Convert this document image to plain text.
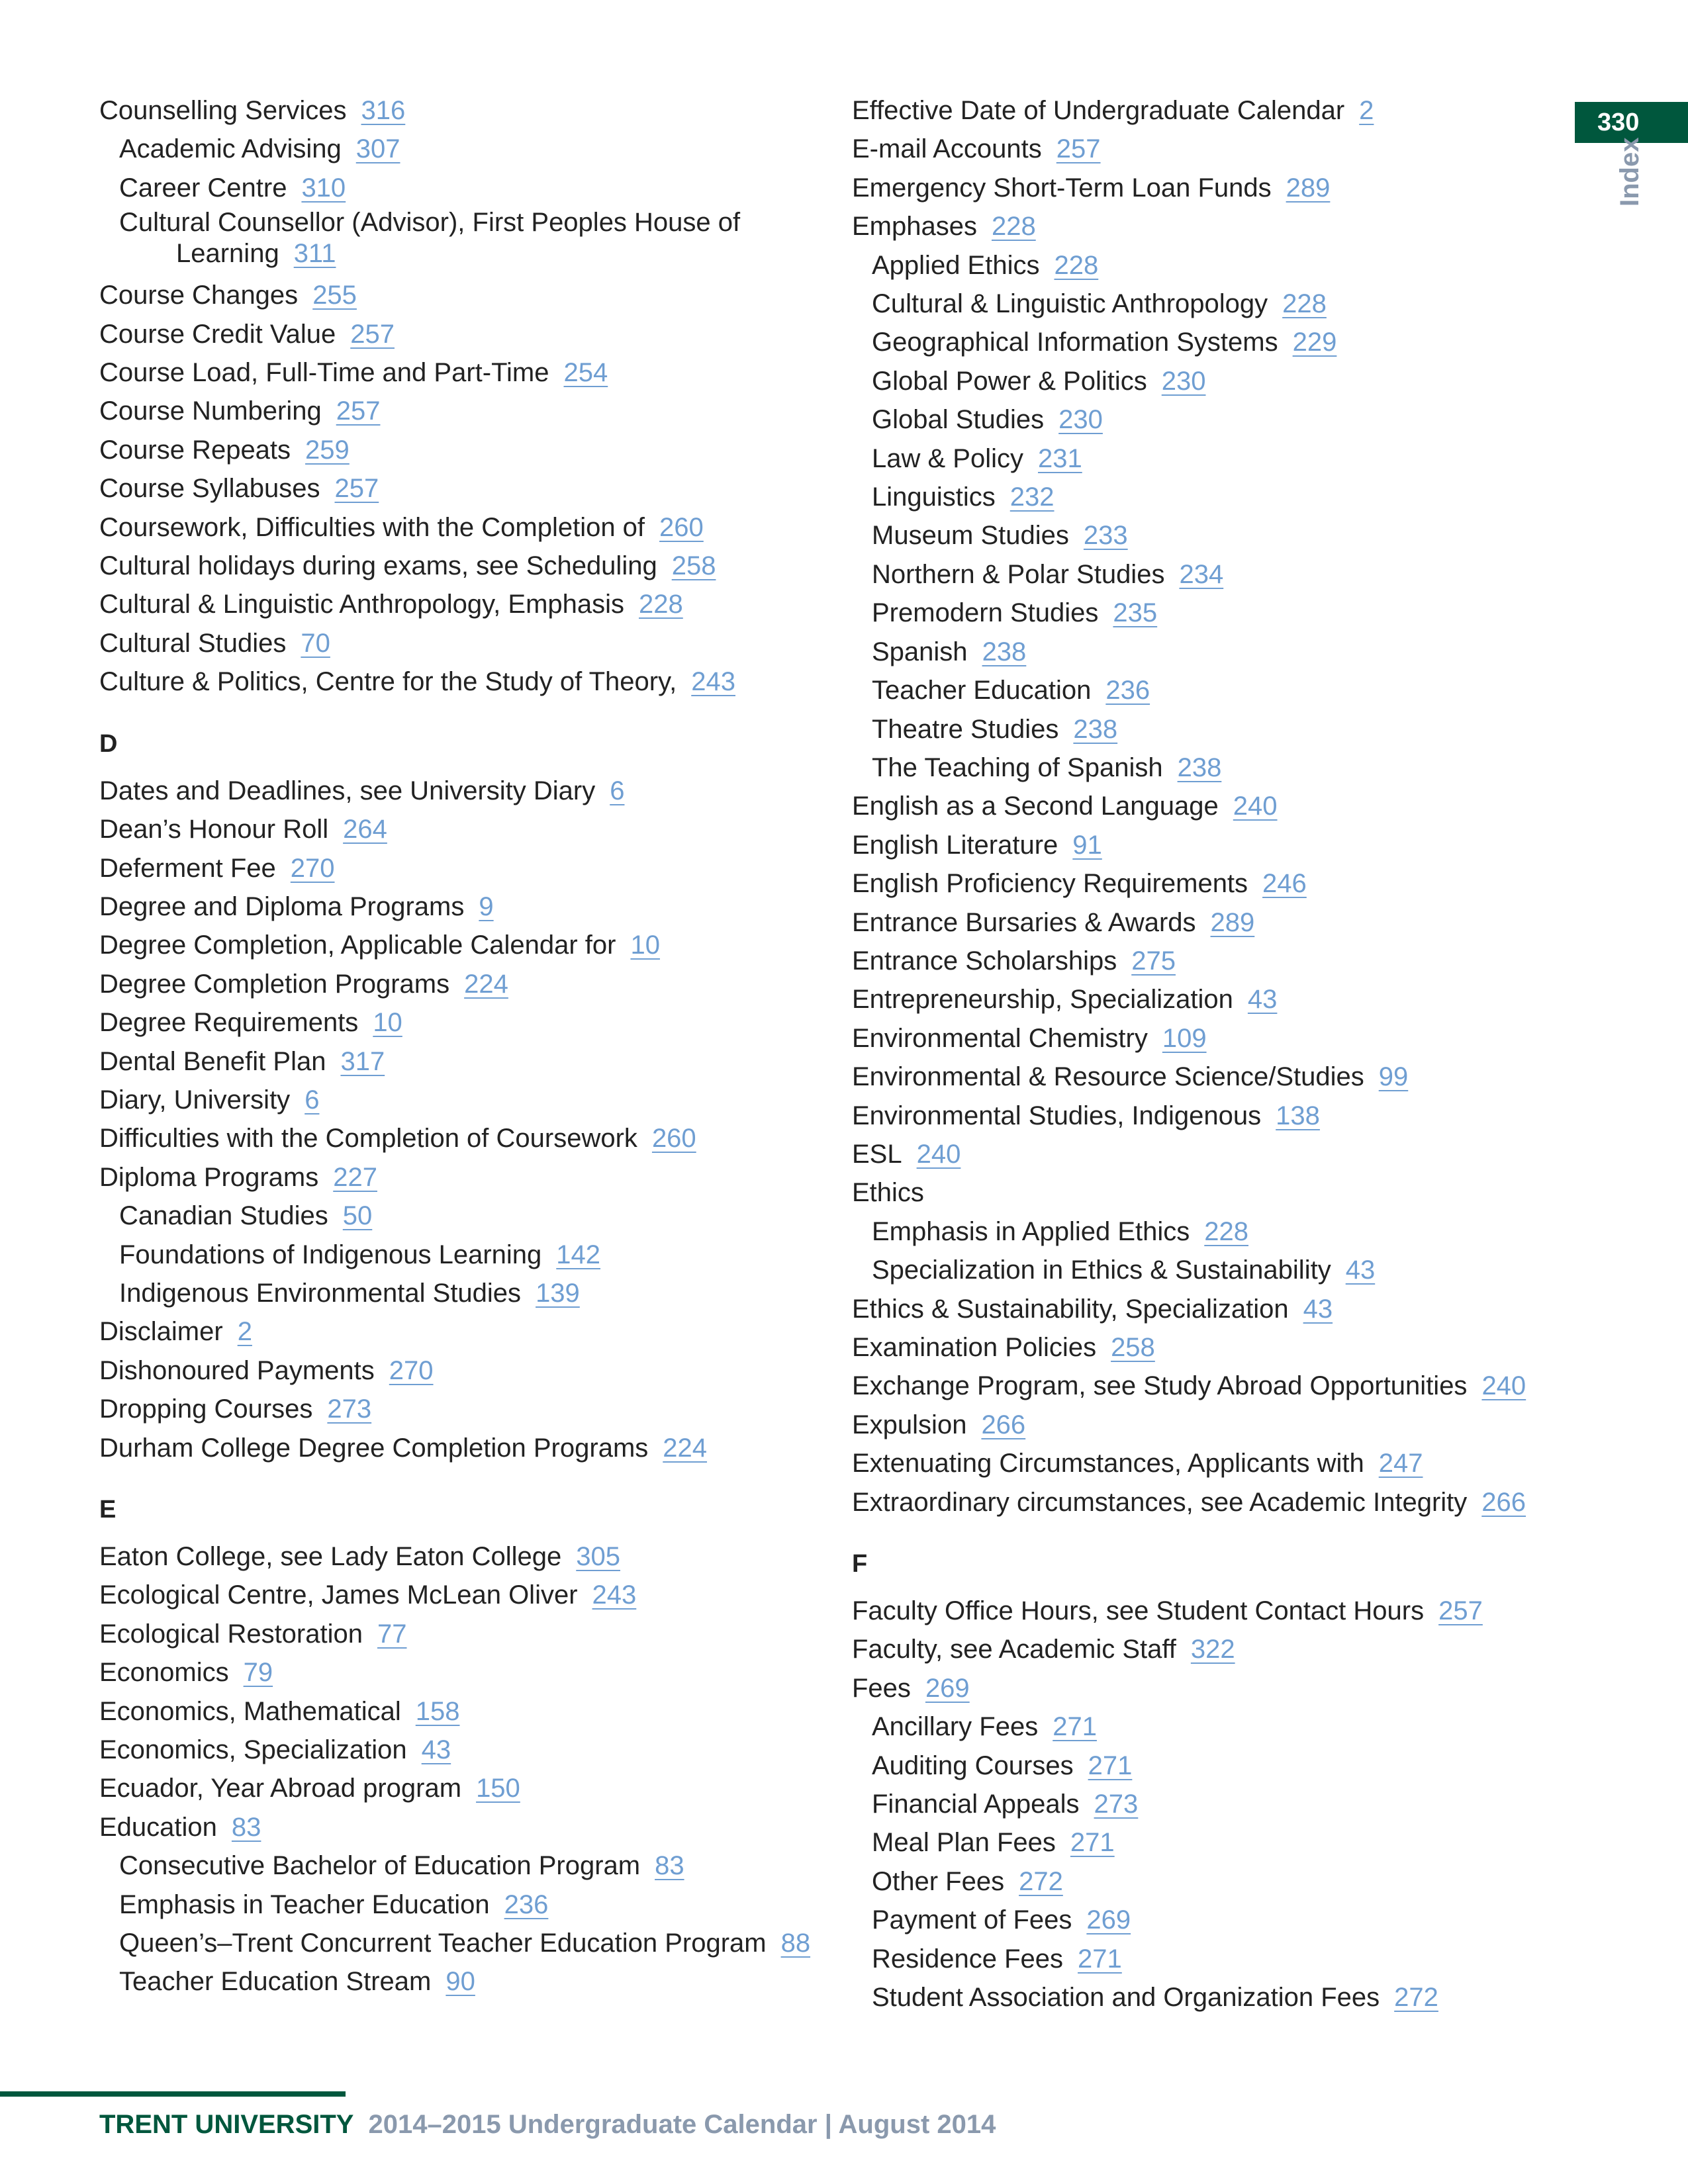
330
Index
Counselling Services 316
Academic Advising 307
Career Centre 310
Cultural Counsellor (Advisor), First Peoples House of Learning 311
Course Changes 255
Course Credit Value 257
Course Load, Full-Time and Part-Time 254
Course Numbering 257
Course Repeats 259
Course Syllabuses 257
Coursework, Difficulties with the Completion of 260
Cultural holidays during exams, see Scheduling 258
Cultural & Linguistic Anthropology, Emphasis 228
Cultural Studies 70
Culture & Politics, Centre for the Study of Theory, 243
D
Dates and Deadlines, see University Diary 6
Dean’s Honour Roll 264
Deferment Fee 270
Degree and Diploma Programs 9
Degree Completion, Applicable Calendar for 10
Degree Completion Programs 224
Degree Requirements 10
Dental Benefit Plan 317
Diary, University 6
Difficulties with the Completion of Coursework 260
Diploma Programs 227
Canadian Studies 50
Foundations of Indigenous Learning 142
Indigenous Environmental Studies 139
Disclaimer 2
Dishonoured Payments 270
Dropping Courses 273
Durham College Degree Completion Programs 224
E
Eaton College, see Lady Eaton College 305
Ecological Centre, James McLean Oliver 243
Ecological Restoration 77
Economics 79
Economics, Mathematical 158
Economics, Specialization 43
Ecuador, Year Abroad program 150
Education 83
Consecutive Bachelor of Education Program 83
Emphasis in Teacher Education 236
Queen’s–Trent Concurrent Teacher Education Program 88
Teacher Education Stream 90
Effective Date of Undergraduate Calendar 2
E-mail Accounts 257
Emergency Short-Term Loan Funds 289
Emphases 228
Applied Ethics 228
Cultural & Linguistic Anthropology 228
Geographical Information Systems 229
Global Power & Politics 230
Global Studies 230
Law & Policy 231
Linguistics 232
Museum Studies 233
Northern & Polar Studies 234
Premodern Studies 235
Spanish 238
Teacher Education 236
Theatre Studies 238
The Teaching of Spanish 238
English as a Second Language 240
English Literature 91
English Proficiency Requirements 246
Entrance Bursaries & Awards 289
Entrance Scholarships 275
Entrepreneurship, Specialization 43
Environmental Chemistry 109
Environmental & Resource Science/Studies 99
Environmental Studies, Indigenous 138
ESL 240
Ethics
Emphasis in Applied Ethics 228
Specialization in Ethics & Sustainability 43
Ethics & Sustainability, Specialization 43
Examination Policies 258
Exchange Program, see Study Abroad Opportunities 240
Expulsion 266
Extenuating Circumstances, Applicants with 247
Extraordinary circumstances, see Academic Integrity 266
F
Faculty Office Hours, see Student Contact Hours 257
Faculty, see Academic Staff 322
Fees 269
Ancillary Fees 271
Auditing Courses 271
Financial Appeals 273
Meal Plan Fees 271
Other Fees 272
Payment of Fees 269
Residence Fees 271
Student Association and Organization Fees 272
TRENT UNIVERSITY 2014–2015 Undergraduate Calendar | August 2014
